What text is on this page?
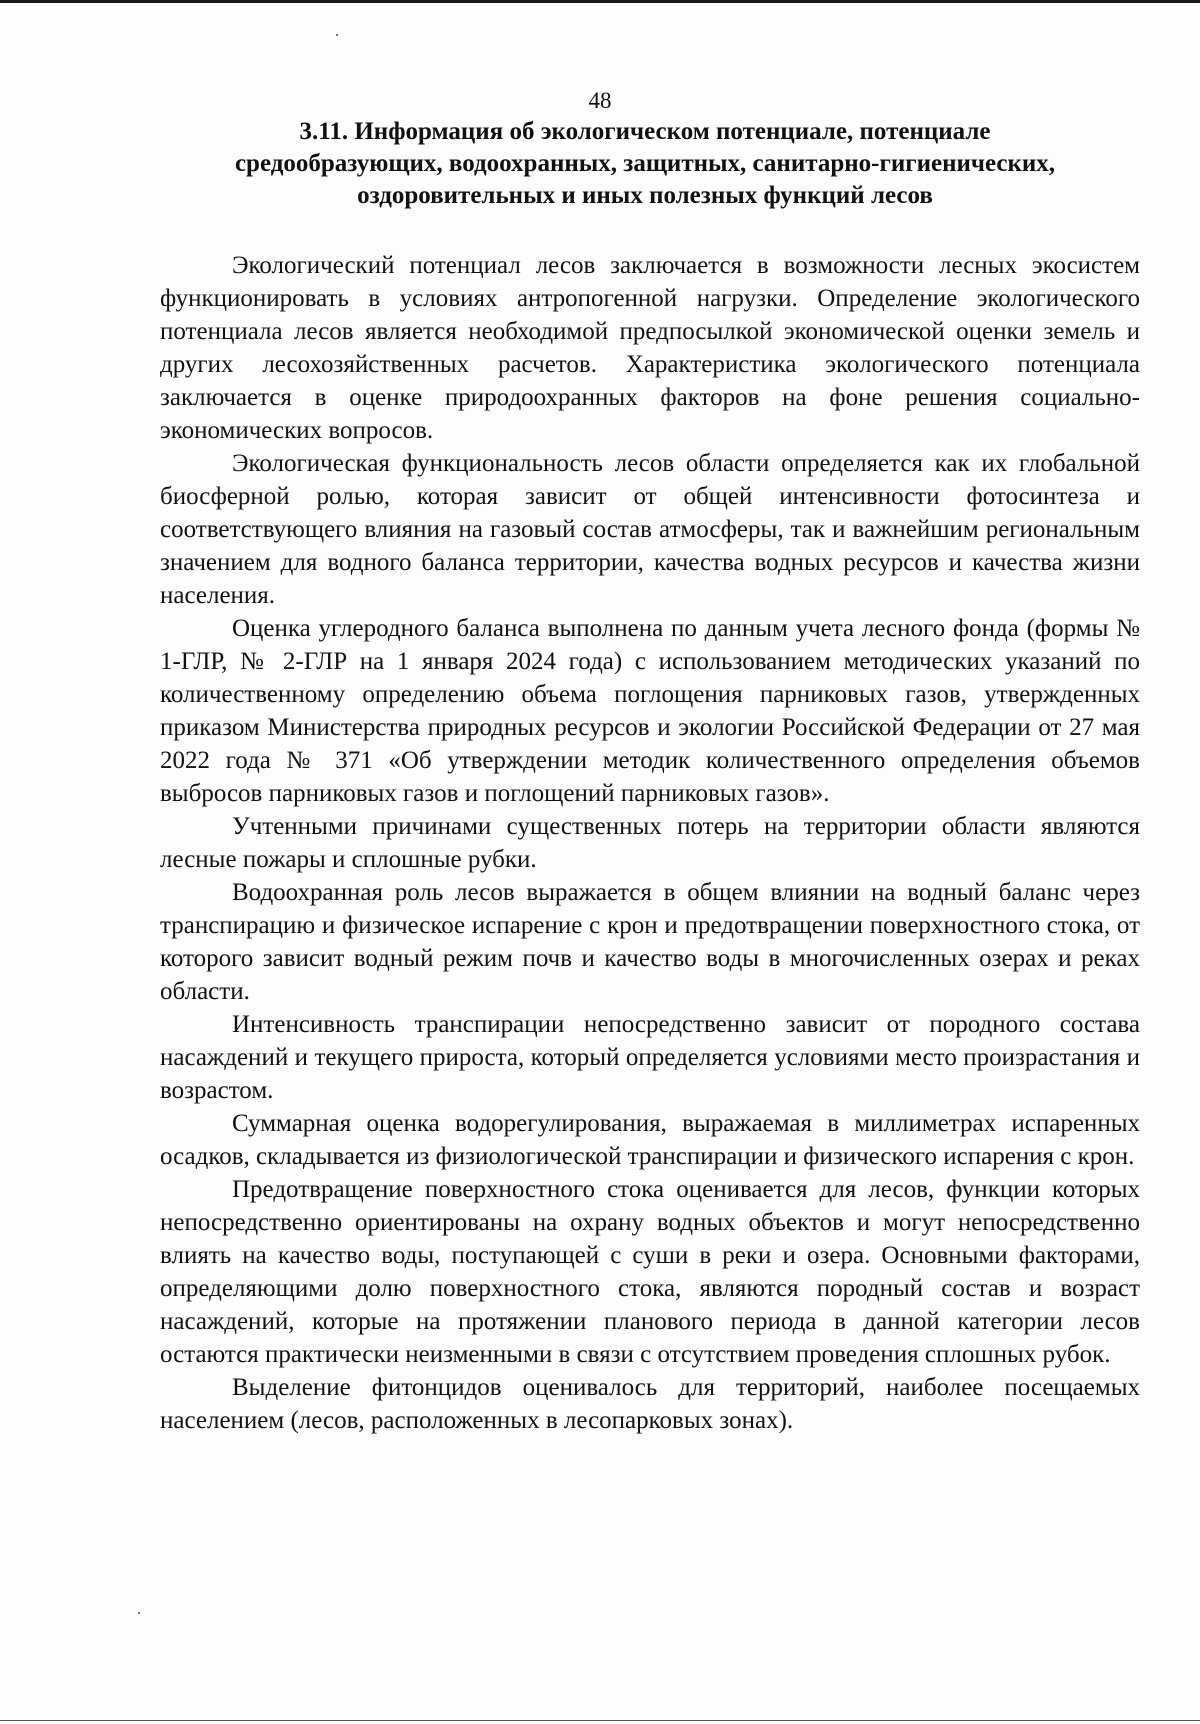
48
3.11. Информация об экологическом потенциале, потенциале
средообразующих, водоохранных, защитных, санитарно-гигиенических,
оздоровительных и иных полезных функций лесов

Экологический потенциал лесов заключается в возможности лесных экосистем функционировать в условиях антропогенной нагрузки. Определение экологического потенциала лесов является необходимой предпосылкой экономической оценки земель и других лесохозяйственных расчетов. Характеристика экологического потенциала заключается в оценке природоохранных факторов на фоне решения социально-экономических вопросов.

Экологическая функциональность лесов области определяется как их глобальной биосферной ролью, которая зависит от общей интенсивности фотосинтеза и соответствующего влияния на газовый состав атмосферы, так и важнейшим региональным значением для водного баланса территории, качества водных ресурсов и качества жизни населения.

Оценка углеродного баланса выполнена по данным учета лесного фонда (формы № 1-ГЛР, № 2-ГЛР на 1 января 2024 года) с использованием методических указаний по количественному определению объема поглощения парниковых газов, утвержденных приказом Министерства природных ресурсов и экологии Российской Федерации от 27 мая 2022 года № 371 «Об утверждении методик количественного определения объемов выбросов парниковых газов и поглощений парниковых газов».

Учтенными причинами существенных потерь на территории области являются лесные пожары и сплошные рубки.

Водоохранная роль лесов выражается в общем влиянии на водный баланс через транспирацию и физическое испарение с крон и предотвращении поверхностного стока, от которого зависит водный режим почв и качество воды в многочисленных озерах и реках области.

Интенсивность транспирации непосредственно зависит от породного состава насаждений и текущего прироста, который определяется условиями место произрастания и возрастом.

Суммарная оценка водорегулирования, выражаемая в миллиметрах испаренных осадков, складывается из физиологической транспирации и физического испарения с крон.

Предотвращение поверхностного стока оценивается для лесов, функции которых непосредственно ориентированы на охрану водных объектов и могут непосредственно влиять на качество воды, поступающей с суши в реки и озера. Основными факторами, определяющими долю поверхностного стока, являются породный состав и возраст насаждений, которые на протяжении планового периода в данной категории лесов остаются практически неизменными в связи с отсутствием проведения сплошных рубок.

Выделение фитонцидов оценивалось для территорий, наиболее посещаемых населением (лесов, расположенных в лесопарковых зонах).
